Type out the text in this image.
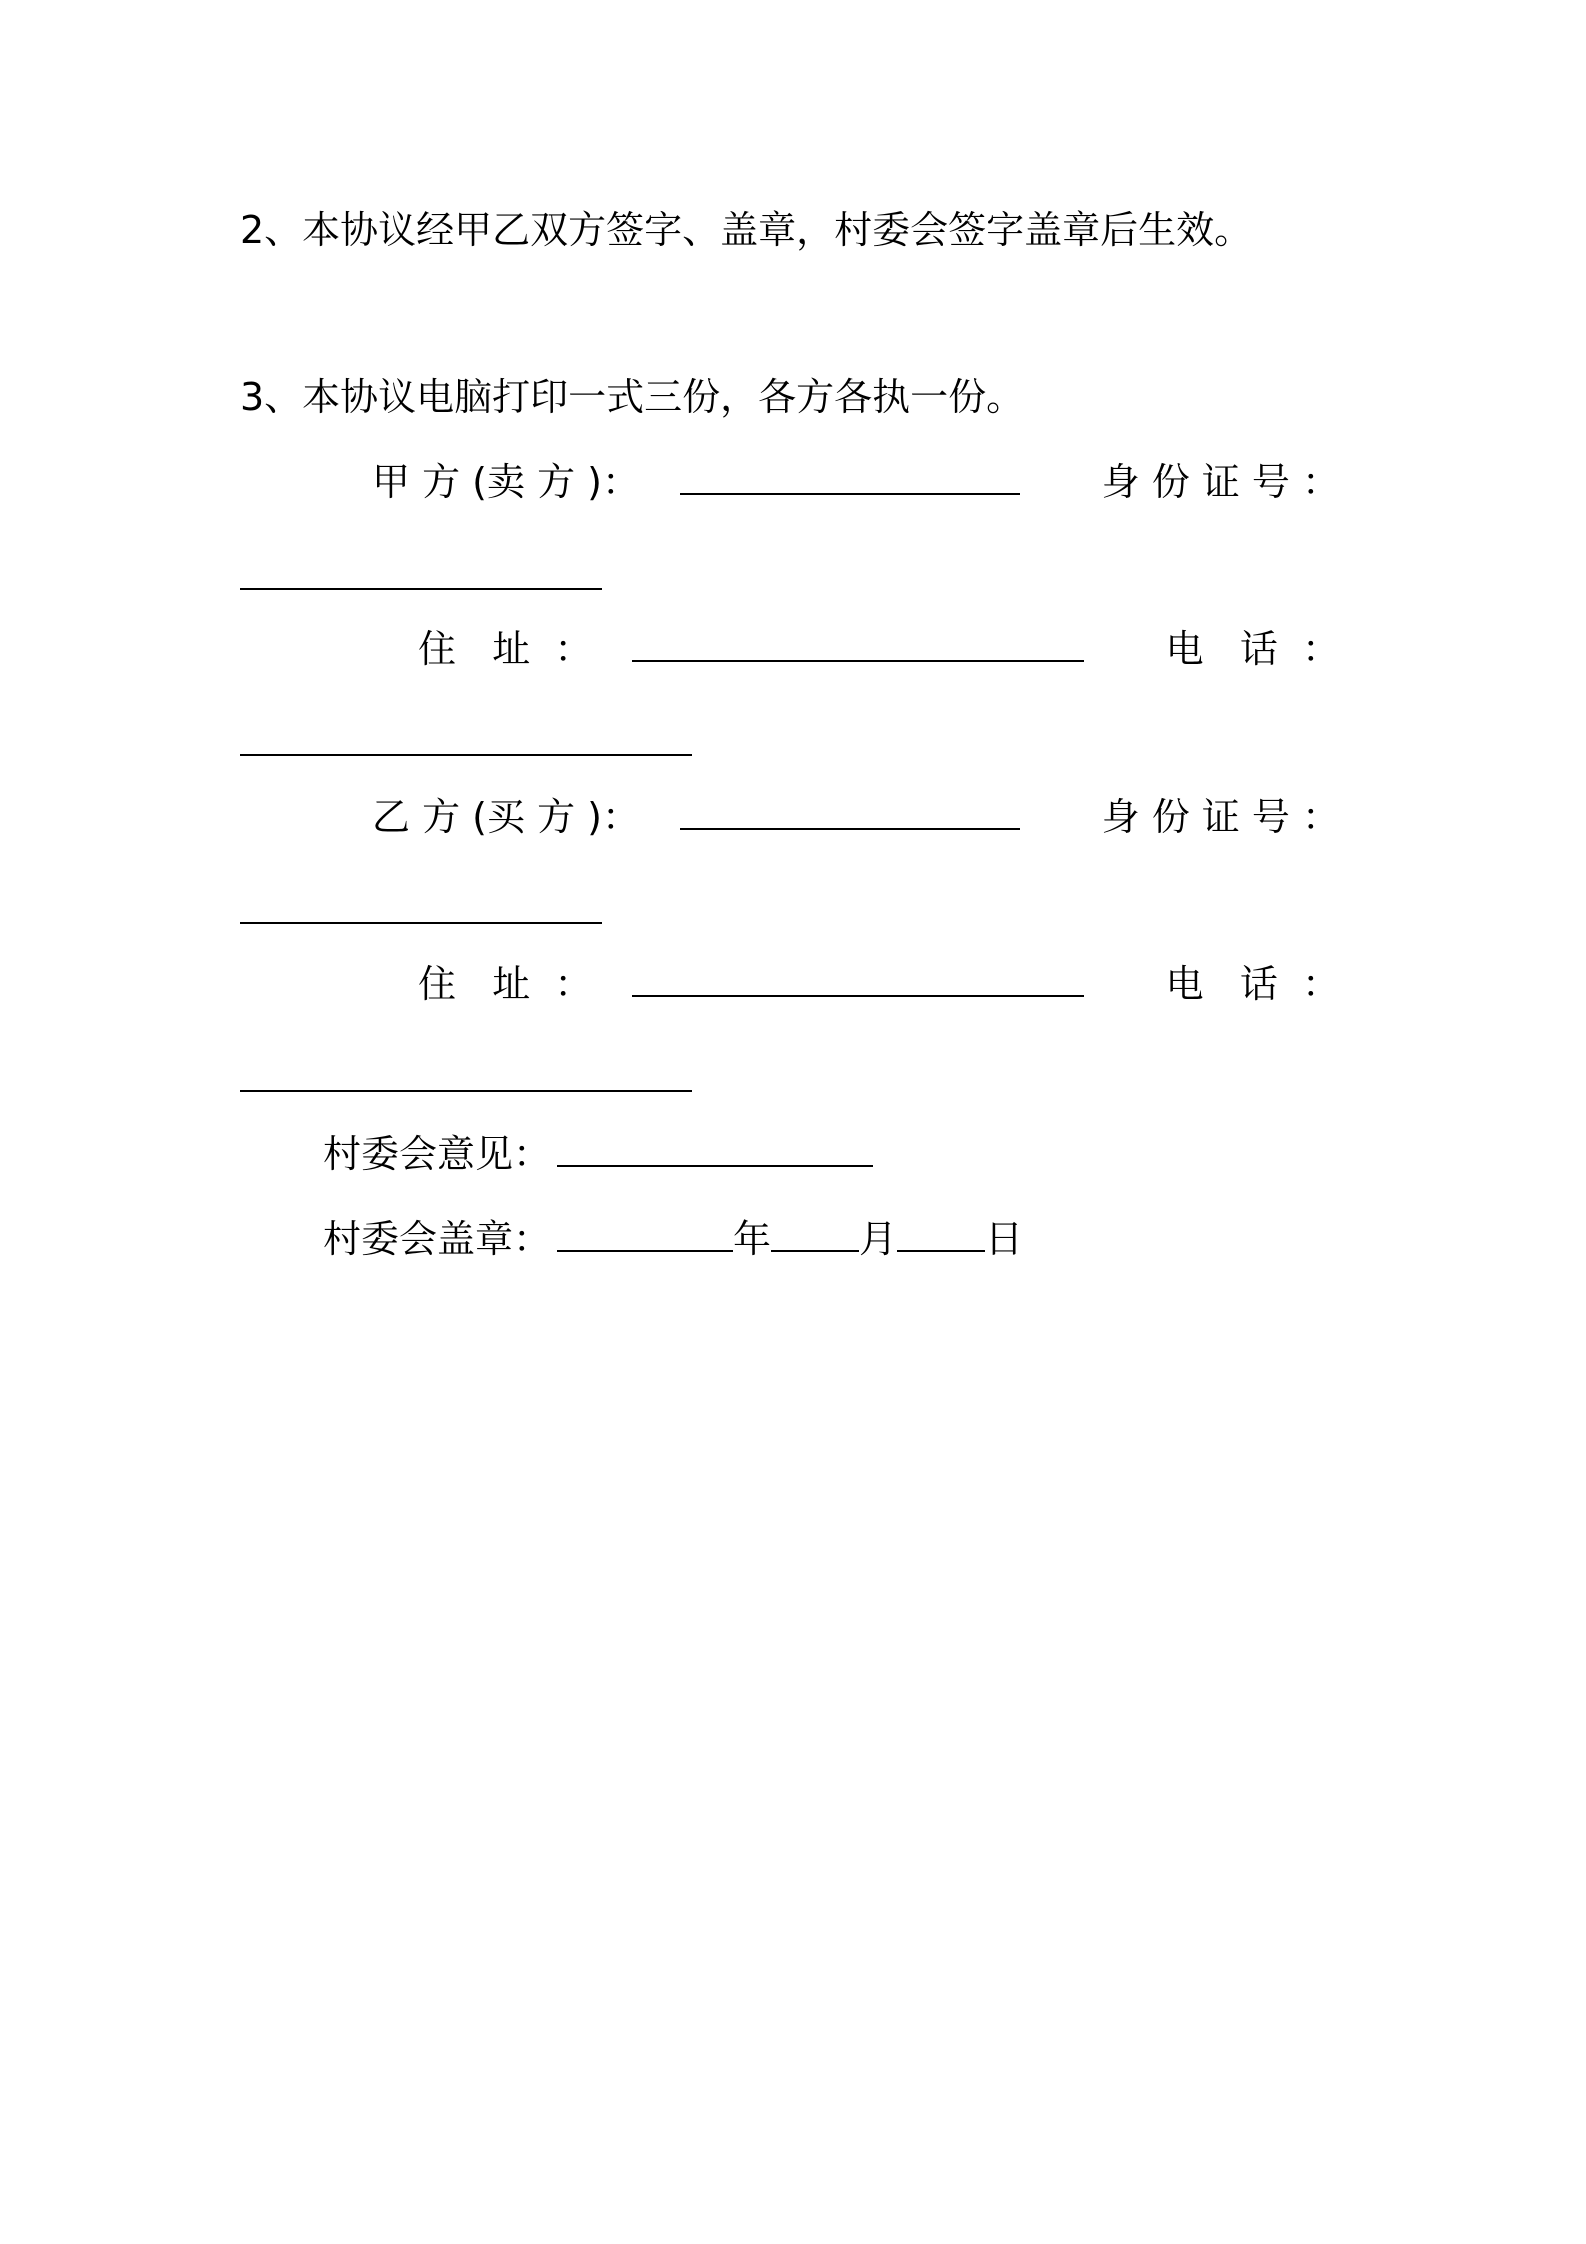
2、本协议经甲乙双方签字、盖章，村委会签字盖章后生效。
3、本协议电脑打印一式三份，各方各执一份。
甲 方 (卖 方 )：	身 份 证 号 ：
住   址  ：	电   话  ：
乙 方 (买 方 )：	身 份 证 号 ：
住   址  ：	电   话  ：
村委会意见：
村委会盖章：	年 月 日
